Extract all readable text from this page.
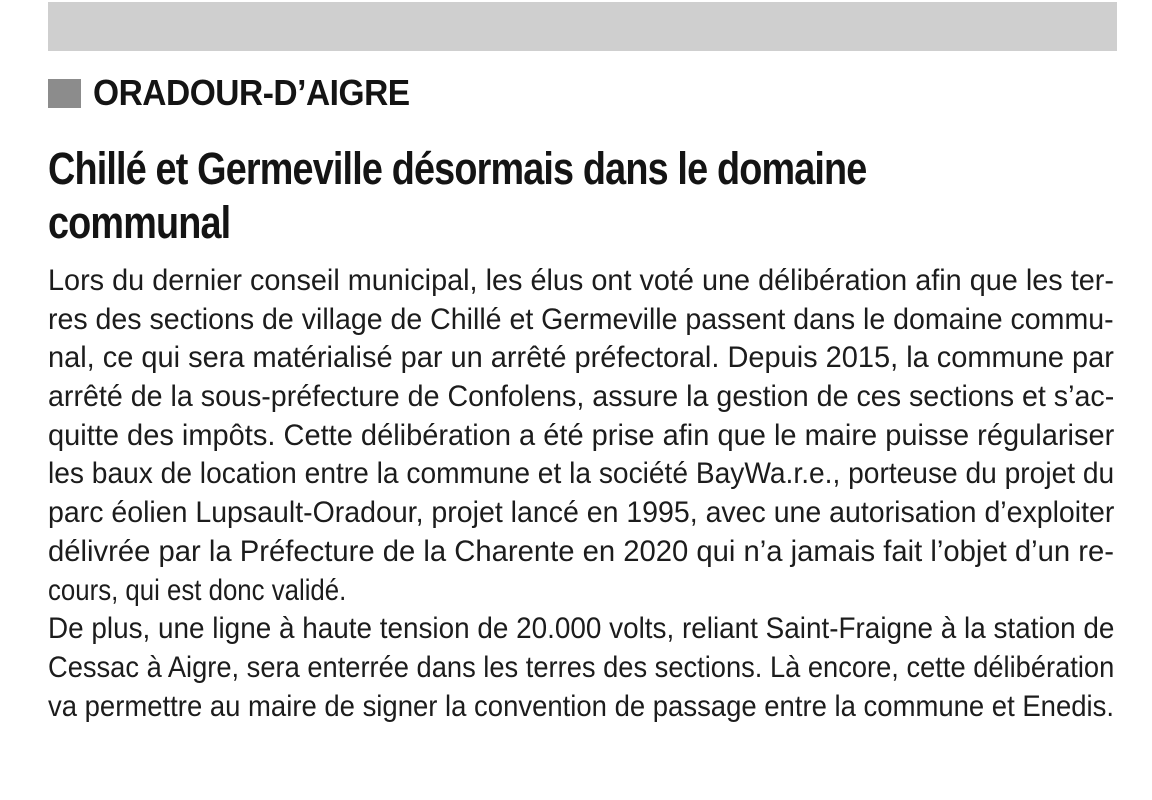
ORADOUR-D’AIGRE
Chillé et Germeville désormais dans le domaine
communal
Lors du dernier conseil municipal, les élus ont voté une délibération afin que les ter-
res des sections de village de Chillé et Germeville passent dans le domaine commu-
nal, ce qui sera matérialisé par un arrêté préfectoral. Depuis 2015, la commune par
arrêté de la sous-préfecture de Confolens, assure la gestion de ces sections et s’ac-
quitte des impôts. Cette délibération a été prise afin que le maire puisse régulariser
les baux de location entre la commune et la société BayWa.r.e., porteuse du projet du
parc éolien Lupsault-Oradour, projet lancé en 1995, avec une autorisation d’exploiter
délivrée par la Préfecture de la Charente en 2020 qui n’a jamais fait l’objet d’un re-
cours, qui est donc validé.
De plus, une ligne à haute tension de 20.000 volts, reliant Saint-Fraigne à la station de
Cessac à Aigre, sera enterrée dans les terres des sections. Là encore, cette délibération
va permettre au maire de signer la convention de passage entre la commune et Enedis.
